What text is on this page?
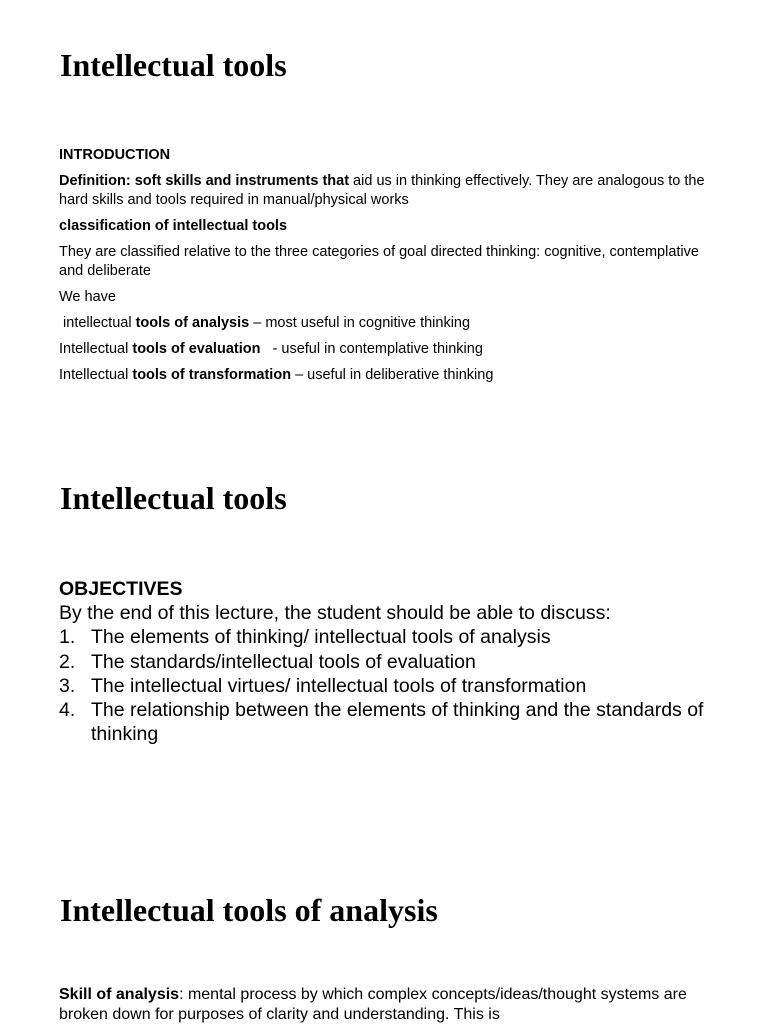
Intellectual tools

INTRODUCTION

Definition: soft skills and instruments that aid us in thinking effectively. They are analogous to the hard skills and tools required in manual/physical works

classification of intellectual tools

They are classified relative to the three categories of goal directed thinking: cognitive, contemplative and deliberate

We have

intellectual tools of analysis – most useful in cognitive thinking

Intellectual tools of evaluation   - useful in contemplative thinking

Intellectual tools of transformation – useful in deliberative thinking

Intellectual tools
OBJECTIVES
By the end of this lecture, the student should be able to discuss:
1. The elements of thinking/ intellectual tools of analysis
2. The standards/intellectual tools of evaluation
3. The intellectual virtues/ intellectual tools of transformation
4. The relationship between the elements of thinking and the standards of thinking
Intellectual tools of analysis
Skill of analysis: mental process by which complex concepts/ideas/thought systems are broken down for purposes of clarity and understanding. This is
